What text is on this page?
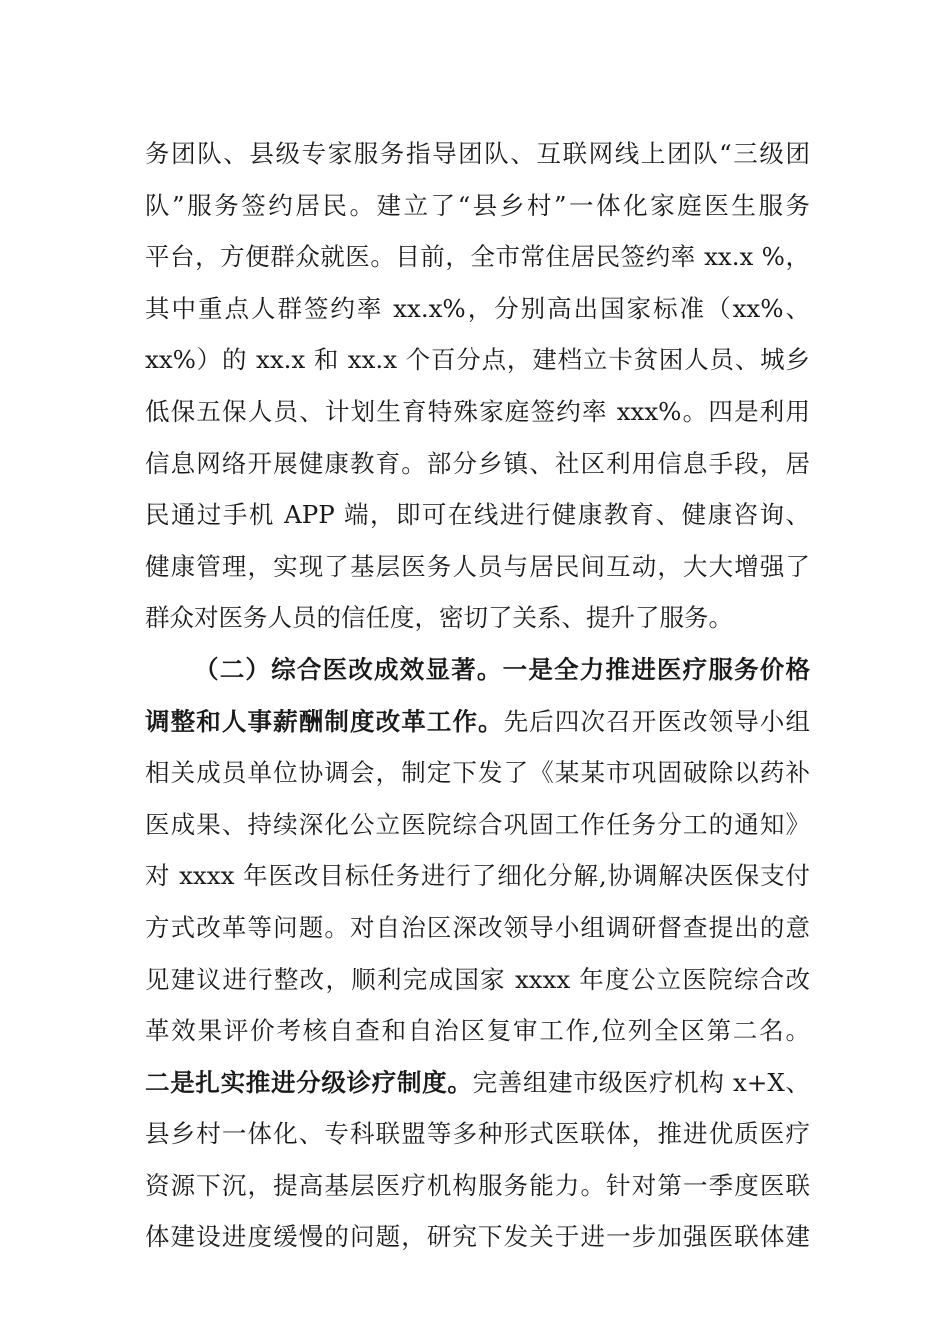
务团队、县级专家服务指导团队、互联网线上团队“三级团
队”服务签约居民。建立了“县乡村”一体化家庭医生服务
平台，方便群众就医。目前，全市常住居民签约率 xx.x %，
其中重点人群签约率 xx.x%，分别高出国家标准（xx%、
xx%）的 xx.x 和 xx.x 个百分点，建档立卡贫困人员、城乡
低保五保人员、计划生育特殊家庭签约率 xxx%。四是利用
信息网络开展健康教育。部分乡镇、社区利用信息手段，居
民通过手机 APP 端，即可在线进行健康教育、健康咨询、
健康管理，实现了基层医务人员与居民间互动，大大增强了
群众对医务人员的信任度，密切了关系、提升了服务。
（二）综合医改成效显著。一是全力推进医疗服务价格
调整和人事薪酬制度改革工作。先后四次召开医改领导小组
相关成员单位协调会，制定下发了《某某市巩固破除以药补
医成果、持续深化公立医院综合巩固工作任务分工的通知》
对 xxxx 年医改目标任务进行了细化分解,协调解决医保支付
方式改革等问题。对自治区深改领导小组调研督查提出的意
见建议进行整改，顺利完成国家 xxxx 年度公立医院综合改
革效果评价考核自查和自治区复审工作,位列全区第二名。
二是扎实推进分级诊疗制度。完善组建市级医疗机构 x+X、
县乡村一体化、专科联盟等多种形式医联体，推进优质医疗
资源下沉，提高基层医疗机构服务能力。针对第一季度医联
体建设进度缓慢的问题，研究下发关于进一步加强医联体建
